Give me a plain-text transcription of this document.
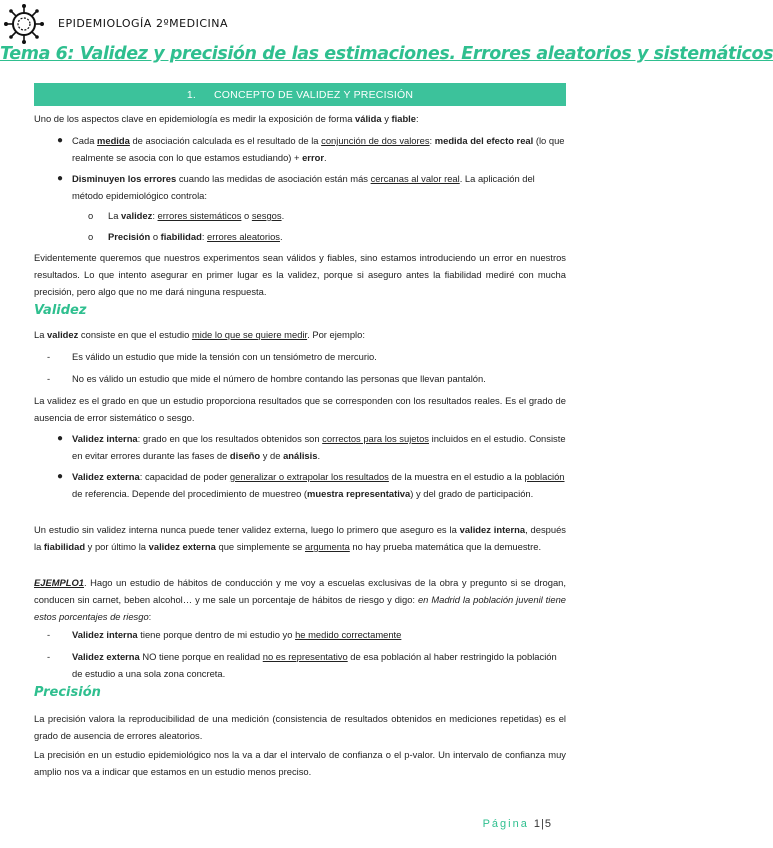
EPIDEMIOLOGÍA 2ºMEDICINA
Tema 6: Validez y precisión de las estimaciones. Errores aleatorios y sistemáticos
1. CONCEPTO DE VALIDEZ Y PRECISIÓN
Uno de los aspectos clave en epidemiología es medir la exposición de forma válida y fiable:
● Cada medida de asociación calculada es el resultado de la conjunción de dos valores: medida del efecto real (lo que realmente se asocia con lo que estamos estudiando) + error.
● Disminuyen los errores cuando las medidas de asociación están más cercanas al valor real. La aplicación del método epidemiológico controla:
o La validez: errores sistemáticos o sesgos.
o Precisión o fiabilidad: errores aleatorios.
Evidentemente queremos que nuestros experimentos sean válidos y fiables, sino estamos introduciendo un error en nuestros resultados. Lo que intento asegurar en primer lugar es la validez, porque si aseguro antes la fiabilidad mediré con mucha precisión, pero algo que no me dará ninguna respuesta.
Validez
La validez consiste en que el estudio mide lo que se quiere medir. Por ejemplo:
- Es válido un estudio que mide la tensión con un tensiómetro de mercurio.
- No es válido un estudio que mide el número de hombre contando las personas que llevan pantalón.
La validez es el grado en que un estudio proporciona resultados que se corresponden con los resultados reales. Es el grado de ausencia de error sistemático o sesgo.
● Validez interna: grado en que los resultados obtenidos son correctos para los sujetos incluidos en el estudio. Consiste en evitar errores durante las fases de diseño y de análisis.
● Validez externa: capacidad de poder generalizar o extrapolar los resultados de la muestra en el estudio a la población de referencia. Depende del procedimiento de muestreo (muestra representativa) y del grado de participación.
Un estudio sin validez interna nunca puede tener validez externa, luego lo primero que aseguro es la validez interna, después la fiabilidad y por último la validez externa que simplemente se argumenta no hay prueba matemática que la demuestre.
EJEMPLO1. Hago un estudio de hábitos de conducción y me voy a escuelas exclusivas de la obra y pregunto si se drogan, conducen sin carnet, beben alcohol… y me sale un porcentaje de hábitos de riesgo y digo: en Madrid la población juvenil tiene estos porcentajes de riesgo:
- Validez interna tiene porque dentro de mi estudio yo he medido correctamente
- Validez externa NO tiene porque en realidad no es representativo de esa población al haber restringido la población de estudio a una sola zona concreta.
Precisión
La precisión valora la reproducibilidad de una medición (consistencia de resultados obtenidos en mediciones repetidas) es el grado de ausencia de errores aleatorios.
La precisión en un estudio epidemiológico nos la va a dar el intervalo de confianza o el p-valor. Un intervalo de confianza muy amplio nos va a indicar que estamos en un estudio menos preciso.
Página 1|5
